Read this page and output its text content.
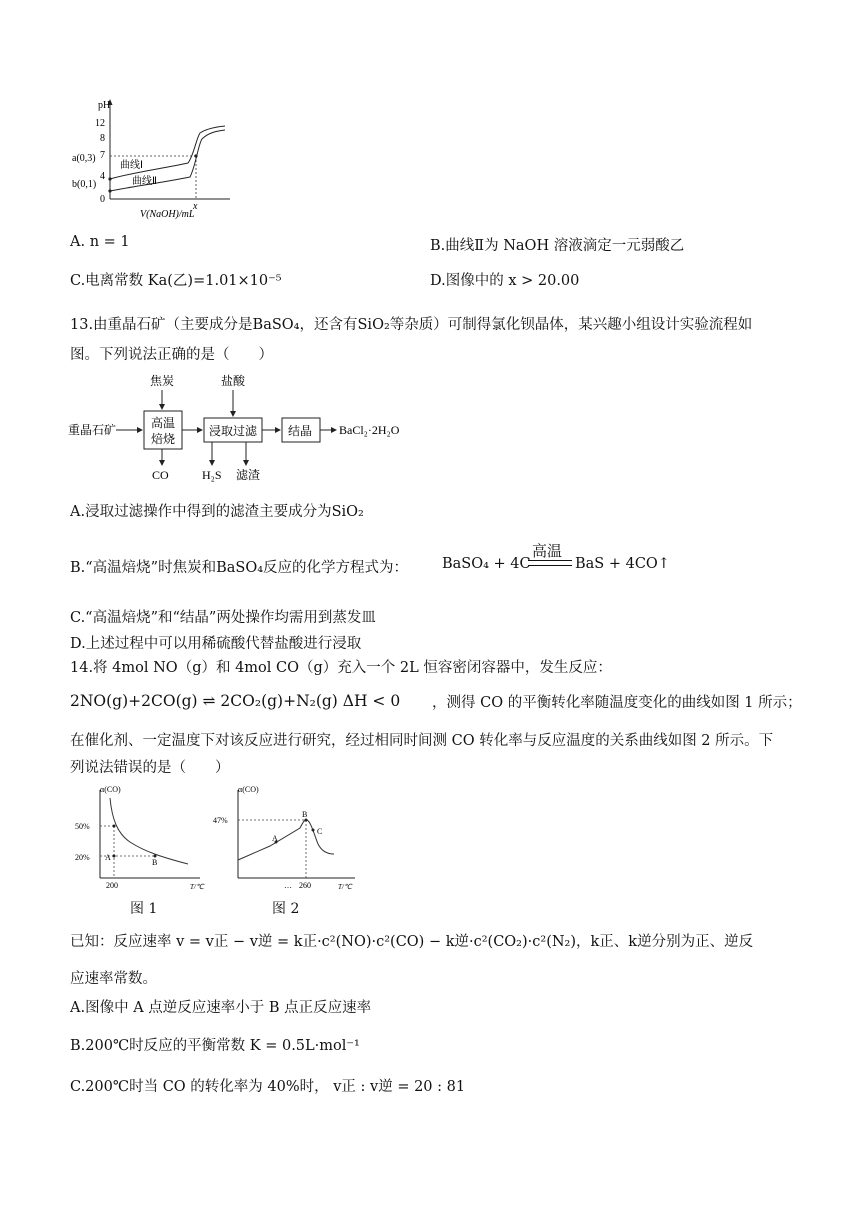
pH
12
8
7
4
0
a(0,3)
b(0,1)
曲线Ⅰ
曲线Ⅱ
x
V(NaOH)/mL
A. n = 1	B.曲线Ⅱ为 NaOH 溶液滴定一元弱酸乙
C.电离常数 Ka(乙)=1.01×10⁻⁵	D.图像中的 x > 20.00
13.由重晶石矿（主要成分是BaSO₄，还含有SiO₂等杂质）可制得氯化钡晶体，某兴趣小组设计实验流程如
图。下列说法正确的是（　　）
重晶石矿
焦炭
高温
焙烧
CO
盐酸
浸取过滤
H₂S 滤渣
结晶 BaCl₂·2H₂O
A.浸取过滤操作中得到的滤渣主要成分为SiO₂
B.“高温焙烧”时焦炭和BaSO₄反应的化学方程式为： BaSO₄ + 4C
高温
BaS + 4CO↑
C.“高温焙烧”和“结晶”两处操作均需用到蒸发皿
D.上述过程中可以用稀硫酸代替盐酸进行浸取
14.将 4mol NO（g）和 4mol CO（g）充入一个 2L 恒容密闭容器中，发生反应：
2NO(g)+2CO(g) ⇌ 2CO₂(g)+N₂(g) ΔH < 0 ，测得 CO 的平衡转化率随温度变化的曲线如图 1 所示；
在催化剂、一定温度下对该反应进行研究，经过相同时间测 CO 转化率与反应温度的关系曲线如图 2 所示。下
列说法错误的是（　　）
α(CO)
50%
20% A
B
200	T/℃
图 1
α(CO)
47%
A
B
C
… 260	T/℃
图 2
已知：反应速率 v = v正 − v逆 = k正·c²(NO)·c²(CO) − k逆·c²(CO₂)·c²(N₂)，k正、k逆分别为正、逆反
应速率常数。
A.图像中 A 点逆反应速率小于 B 点正反应速率
B.200℃时反应的平衡常数 K = 0.5L·mol⁻¹
C.200℃时当 CO 的转化率为 40%时， v正 : v逆 = 20 : 81
